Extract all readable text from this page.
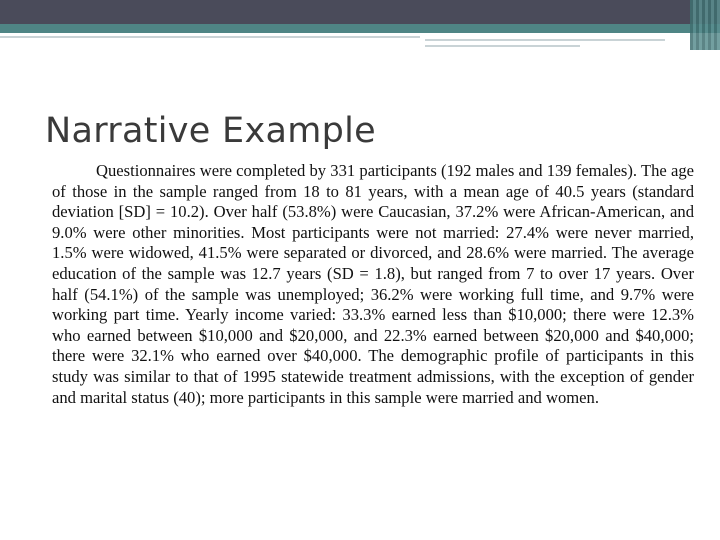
Narrative Example

Questionnaires were completed by 331 participants (192 males and 139 females). The age of those in the sample ranged from 18 to 81 years, with a mean age of 40.5 years (standard deviation [SD] = 10.2). Over half (53.8%) were Caucasian, 37.2% were African-American, and 9.0% were other minorities. Most participants were not married: 27.4% were never married, 1.5% were widowed, 41.5% were separated or divorced, and 28.6% were married. The average education of the sample was 12.7 years (SD = 1.8), but ranged from 7 to over 17 years. Over half (54.1%) of the sample was unemployed; 36.2% were working full time, and 9.7% were working part time. Yearly income varied: 33.3% earned less than $10,000; there were 12.3% who earned between $10,000 and $20,000, and 22.3% earned between $20,000 and $40,000; there were 32.1% who earned over $40,000. The demographic profile of participants in this study was similar to that of 1995 statewide treatment admissions, with the exception of gender and marital status (40); more participants in this sample were married and women.
